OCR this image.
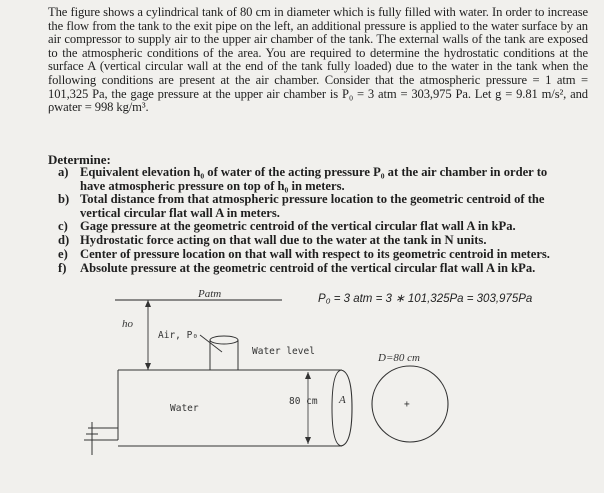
The figure shows a cylindrical tank of 80 cm in diameter which is fully filled with water. In order to increase the flow from the tank to the exit pipe on the left, an additional pressure is applied to the water surface by an air compressor to supply air to the upper air chamber of the tank. The external walls of the tank are exposed to the atmospheric conditions of the area. You are required to determine the hydrostatic conditions at the surface A (vertical circular wall at the end of the tank fully loaded) due to the water in the tank when the following conditions are present at the air chamber. Consider that the atmospheric pressure = 1 atm = 101,325 Pa, the gage pressure at the upper air chamber is P₀ = 3 atm = 303,975 Pa. Let g = 9.81 m/s², and ρwater = 998 kg/m³.

Determine:
a) Equivalent elevation h₀ of water of the acting pressure P₀ at the air chamber in order to
have atmospheric pressure on top of h₀ in meters.
b) Total distance from that atmospheric pressure location to the geometric centroid of the
vertical circular flat wall A in meters.
c) Gage pressure at the geometric centroid of the vertical circular flat wall A in kPa.
d) Hydrostatic force acting on that wall due to the water at the tank in N units.
e) Center of pressure location on that wall with respect to its geometric centroid in meters.
f) Absolute pressure at the geometric centroid of the vertical circular flat wall A in kPa.
Patm	P₀ = 3 atm = 3 ∗ 101,325Pa = 303,975Pa
ho
Air, P₀
Water level
Water
80 cm A	+
D=80 cm
